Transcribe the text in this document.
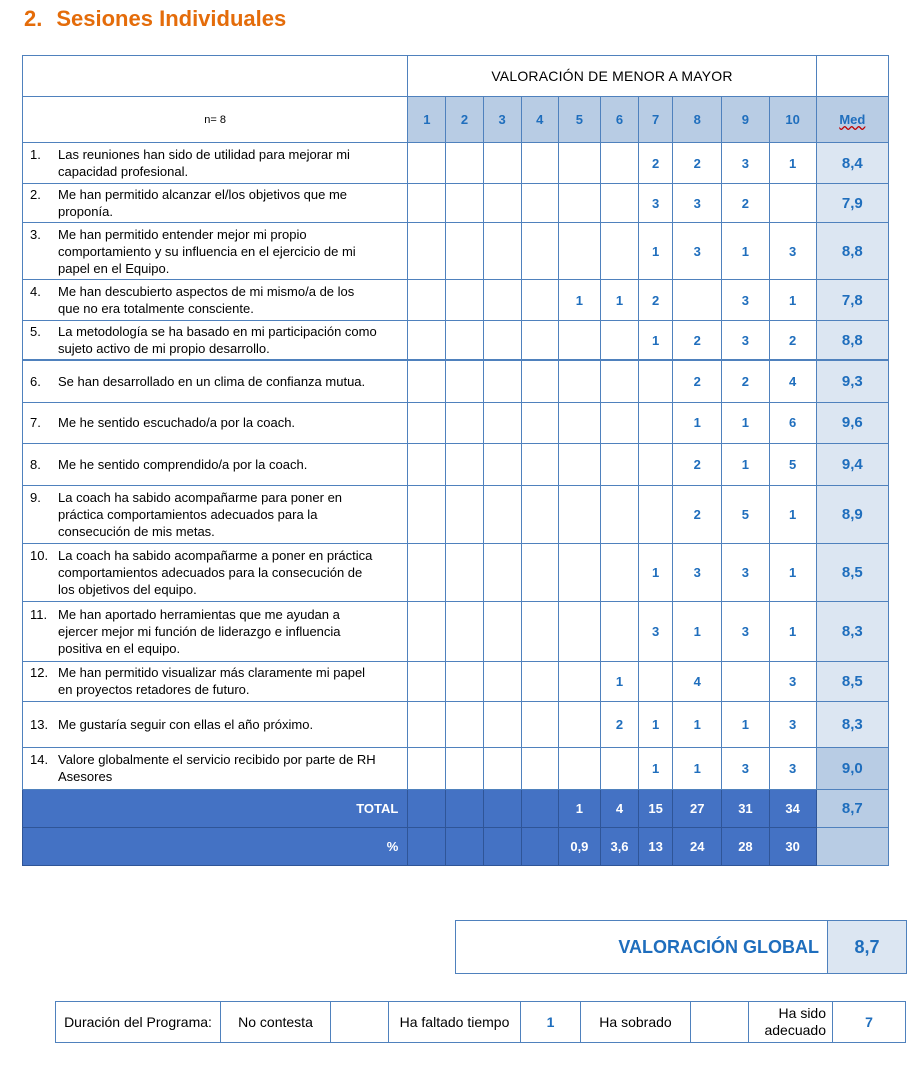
2. Sesiones Individuales
	VALORACIÓN DE MENOR A MAYOR										
n= 8	1	2	3	4	5	6	7	8	9	10	Med
1. Las reuniones han sido de utilidad para mejorar mi capacidad profesional.							2	2	3	1	8,4
2. Me han permitido alcanzar el/los objetivos que me proponía.							3	3	2		7,9
3. Me han permitido entender mejor mi propio comportamiento y su influencia en el ejercicio de mi papel en el Equipo.							1	3	1	3	8,8
4. Me han descubierto aspectos de mi mismo/a de los que no era totalmente consciente.					1	1	2		3	1	7,8
5. La metodología se ha basado en mi participación como sujeto activo de mi propio desarrollo.							1	2	3	2	8,8
6. Se han desarrollado en un clima de confianza mutua.								2	2	4	9,3
7. Me he sentido escuchado/a por la coach.								1	1	6	9,6
8. Me he sentido comprendido/a por la coach.								2	1	5	9,4
9. La coach ha sabido acompañarme para poner en práctica comportamientos adecuados para la consecución de mis metas.								2	5	1	8,9
10. La coach ha sabido acompañarme a poner en práctica comportamientos adecuados para la consecución de los objetivos del equipo.							1	3	3	1	8,5
11. Me han aportado herramientas que me ayudan a ejercer mejor mi función de liderazgo e influencia positiva en el equipo.							3	1	3	1	8,3
12. Me han permitido visualizar más claramente mi papel en proyectos retadores de futuro.						1		4		3	8,5
13. Me gustaría seguir con ellas el año próximo.						2	1	1	1	3	8,3
14. Valore globalmente el servicio recibido por parte de RH Asesores							1	1	3	3	9,0
TOTAL					1	4	15	27	31	34	8,7
%					0,9	3,6	13	24	28	30	
VALORACIÓN GLOBAL	8,7
Duración del Programa:	No contesta		Ha faltado tiempo	1	Ha sobrado		Ha sido adecuado	7
